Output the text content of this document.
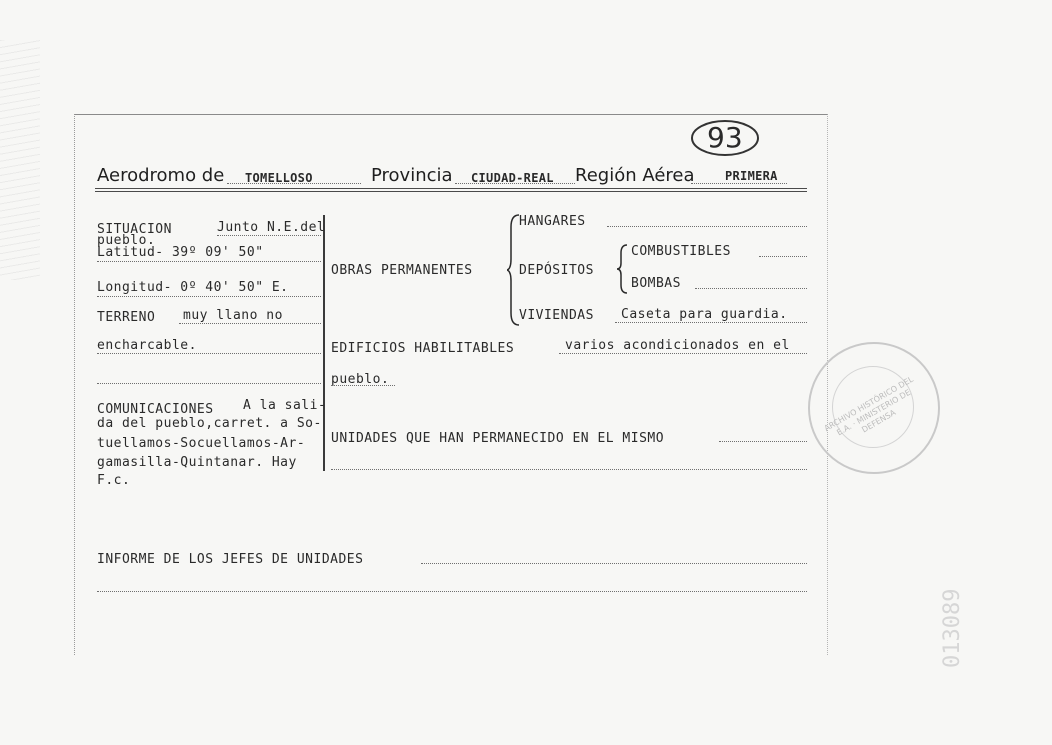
93
Aerodromo de TOMELLOSO	Provincia CIUDAD-REAL Región Aérea	PRIMERA
SITUACION	Junto N.E.del
pueblo.
Latitud- 39º 09' 50"
Longitud- 0º 40' 50" E.
TERRENO muy llano no
encharcable.
COMUNICACIONES A la sali-
da del pueblo,carret. a So-
tuellamos-Socuellamos-Ar-
gamasilla-Quintanar. Hay
F.c.
HANGARES
OBRAS PERMANENTES	DEPÓSITOS
COMBUSTIBLES
BOMBAS
VIVIENDAS Caseta para guardia.
EDIFICIOS HABILITABLES	varios acondicionados en el
pueblo.
UNIDADES QUE HAN PERMANECIDO EN EL MISMO
INFORME DE LOS JEFES DE UNIDADES
ARCHIVO HISTÓRICO DEL E.A. · MINISTERIO DE DEFENSA
013089
